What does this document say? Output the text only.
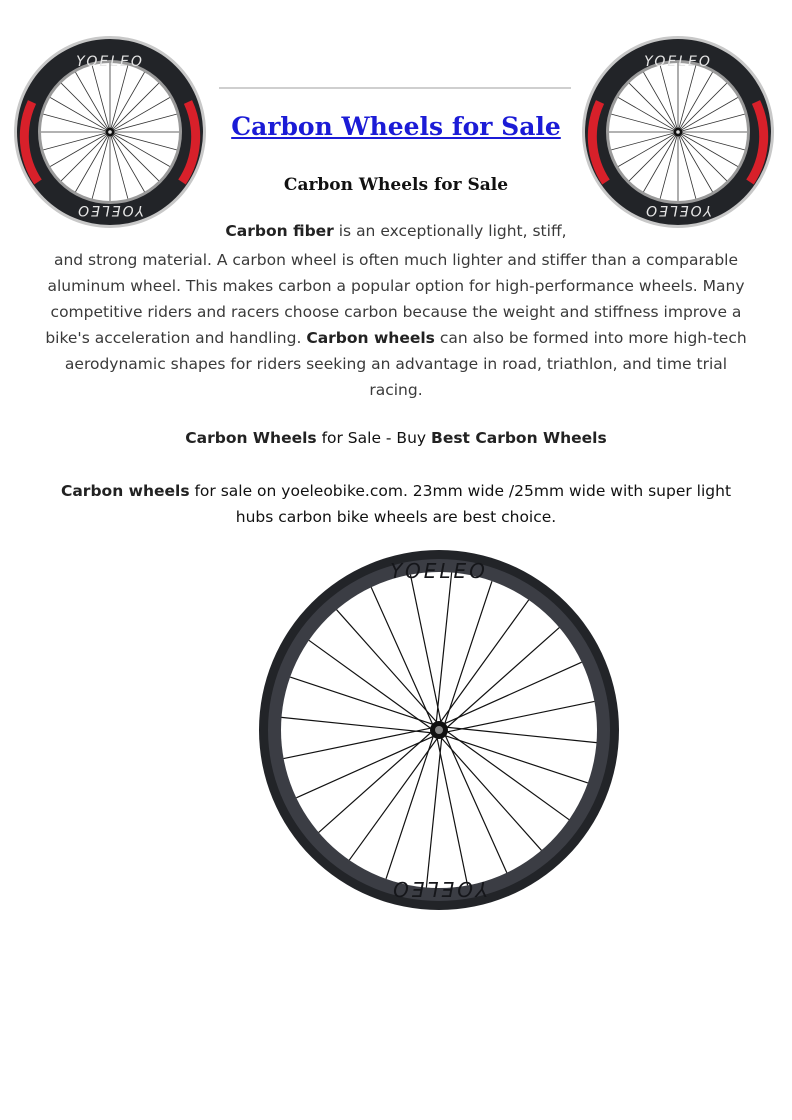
YOELEO
YOELEO
YOELEO
YOELEO
Carbon Wheels for Sale
Carbon Wheels for Sale
Carbon fiber is an exceptionally light, stiff,
and strong material. A carbon wheel is often much lighter and stiffer than a comparable aluminum wheel. This makes carbon a popular option for high-performance wheels. Many competitive riders and racers choose carbon because the weight and stiffness improve a bike's acceleration and handling. Carbon wheels can also be formed into more high-tech aerodynamic shapes for riders seeking an advantage in road, triathlon, and time trial racing.
Carbon Wheels for Sale - Buy Best Carbon Wheels
Carbon wheels for sale on yoeleobike.com. 23mm wide /25mm wide with super light hubs carbon bike wheels are best choice.
YOELEO
YOELEO
